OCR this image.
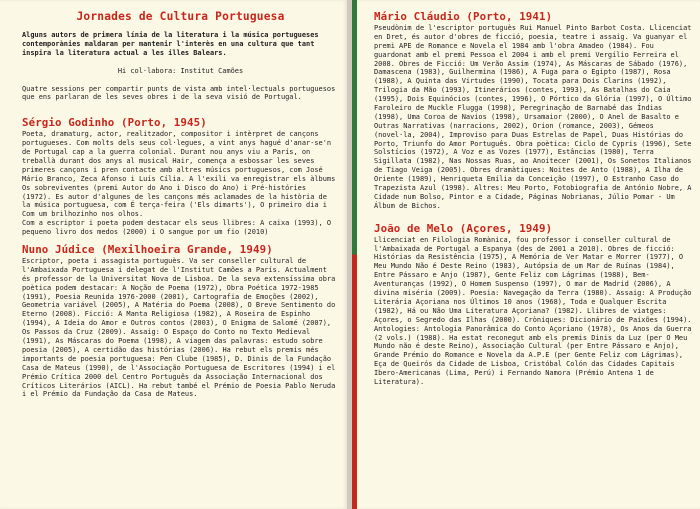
Jornades de Cultura Portuguesa

Alguns autors de primera línia de la literatura i la música portugueses contemporànies maldaran per mantenir l'interès en una cultura que tant inspira la literatura actual a les illes Balears.

Hi col·labora: Institut Camões

Quatre sessions per compartir punts de vista amb intel·lectuals portuguesos que ens parlaran de les seves obres i de la seva visió de Portugal.

Sérgio Godinho (Porto, 1945)

Poeta, dramaturg, actor, realitzador, compositor i intèrpret de cançons portugueses. Com molts dels seus col·legues, a vint anys hagué d'anar-se'n de Portugal cap a la guerra colonial. Durant nou anys viu a París, on treballà durant dos anys al musical Hair, comença a esbossar les seves primeres cançons i pren contacte amb altres músics portuguesos, com José Mário Branco, Zeca Afonso i Luís Cília. A l'exili va enregistrar els àlbums Os sobreviventes (premi Autor do Ano i Disco do Ano) i Pré-históries (1972). Es autor d'algunes de les cançons més aclamades de la història de la música portuguesa, com É terça-feira ('Els dimarts'), O primeiro dia i Com um brilhozinho nos olhos.
Com a escriptor i poeta podem destacar els seus llibres: A caixa (1993), O pequeno livro dos medos (2000) i O sangue por um fio (2010)

Nuno Júdice (Mexilhoeira Grande, 1949)

Escriptor, poeta i assagista portuguès. Va ser conseller cultural de l'Ambaixada Portuguesa i delegat de l'Institut Camões a París. Actualment és professor de la Universitat Nova de Lisboa. De la seva extensíssima obra poètica podem destacar: A Noção de Poema (1972), Obra Poética 1972-1985 (1991), Poesia Reunida 1976-2000 (2001), Cartografia de Emoções (2002), Geometria variável (2005), A Matéria do Poema (2008), O Breve Sentimento do Eterno (2008). Ficció: A Manta Religiosa (1982), A Roseira de Espinho (1994), A Ideia do Amor e Outros contos (2003), O Enigma de Salomé (2007), Os Passos da Cruz (2009). Assaig: O Espaço do Conto no Texto Medieval (1991), As Máscaras do Poema (1998), A viagem das palavras: estudo sobre poesia (2005), A certidão das histórias (2006). Ha rebut els premis més importants de poesia portuguesa: Pen Clube (1985), D. Dinis de la Fundação Casa de Mateus (1990), de l'Associação Portuguesa de Escritores (1994) i el Prémio Crítica 2000 del Centro Português da Associação Internacional dos Críticos Literários (AICL). Ha rebut també el Prémio de Poesia Pablo Neruda i el Prémio da Fundação da Casa de Mateus.

Mário Cláudio (Porto, 1941)

Pseudònim de l'escriptor portuguès Rui Manuel Pinto Barbot Costa. Llicenciat en Dret, és autor d'obres de ficció, poesia, teatre i assaig. Va guanyar el premi APE de Romance e Novela el 1984 amb l'obra Amadeo (1984). Fou guardonat amb el premi Pessoa el 2004 i amb el premi Vergílio Ferreira el 2008. Obres de Ficció: Um Verão Assim (1974), As Máscaras de Sábado (1976), Damascena (1983), Guilhermina (1986), A Fuga para o Egipto (1987), Rosa (1988), A Quinta das Virtudes (1990), Tocata para Dois Clarins (1992), Trilogia da Mão (1993), Itinerários (contes, 1993), As Batalhas do Caia (1995), Dois Equinócios (contes, 1996), O Pórtico da Glória (1997), O Último Faroleiro de Muckle Flugga (1998), Peregrinação de Barnabé das Índias (1998), Uma Coroa de Navios (1998), Ursamaior (2000), O Anel de Basalto e Outras Narrativas (narracions, 2002), Orion (romance, 2003), Gémeos (novel·la, 2004), Improviso para Duas Estrelas de Papel, Duas Histórias do Porto, Triunfo do Amor Português. Obra poètica: Ciclo de Cypris (1996), Sete Solstícios (1972), A Voz e as Vozes (1977), Estâncias (1980), Terra Sigillata (1982), Nas Nossas Ruas, ao Anoitecer (2001), Os Sonetos Italianos de Tiago Veiga (2005). Obres dramàtiques: Noites de Anto (1988), A Ilha de Oriente (1989), Henriqueta Emília da Conceição (1997), O Estranho Caso do Trapezista Azul (1998). Altres: Meu Porto, Fotobiografia de António Nobre, A Cidade num Bolso, Pintor e a Cidade, Páginas Nobrianas, Júlio Pomar - Um Álbum de Bichos.

João de Melo (Açores, 1949)

Llicenciat en Filologia Romànica, fou professor i conseller cultural de l'Ambaixada de Portugal a Espanya (des de 2001 a 2010). Obres de ficció: Histórias da Resistência (1975), A Memória de Ver Matar e Morrer (1977), O Meu Mundo Não é Deste Reino (1983), Autópsia de um Mar de Ruínas (1984), Entre Pássaro e Anjo (1987), Gente Feliz com Lágrimas (1988), Bem-Aventuranças (1992), O Homem Suspenso (1997), O mar de Madrid (2006), A divina miséria (2009). Poesia: Navegação da Terra (1980). Assaig: A Produção Literária Açoriana nos Últimos 10 anos (1968), Toda e Qualquer Escrita (1982), Há ou Não Uma Literatura Açoriana? (1982). Llibres de viatges: Açores, o Segredo das Ilhas (2000). Cròniques: Dicionário de Paixões (1994). Antologies: Antologia Panorâmica do Conto Açoriano (1978), Os Anos da Guerra (2 vols.) (1988). Ha estat reconegut amb els premis Dinis da Luz (per O Meu Mundo não é deste Reino), Associação Cultural (per Entre Pássaro e Anjo), Grande Prémio do Romance e Novela da A.P.E (per Gente Feliz com Lágrimas), Eça de Queirós da Cidade de Lisboa, Cristóbal Colón das Cidades Capitais Ibero-Americanas (Lima, Perú) i Fernando Namora (Prémio Antena 1 de Literatura).
